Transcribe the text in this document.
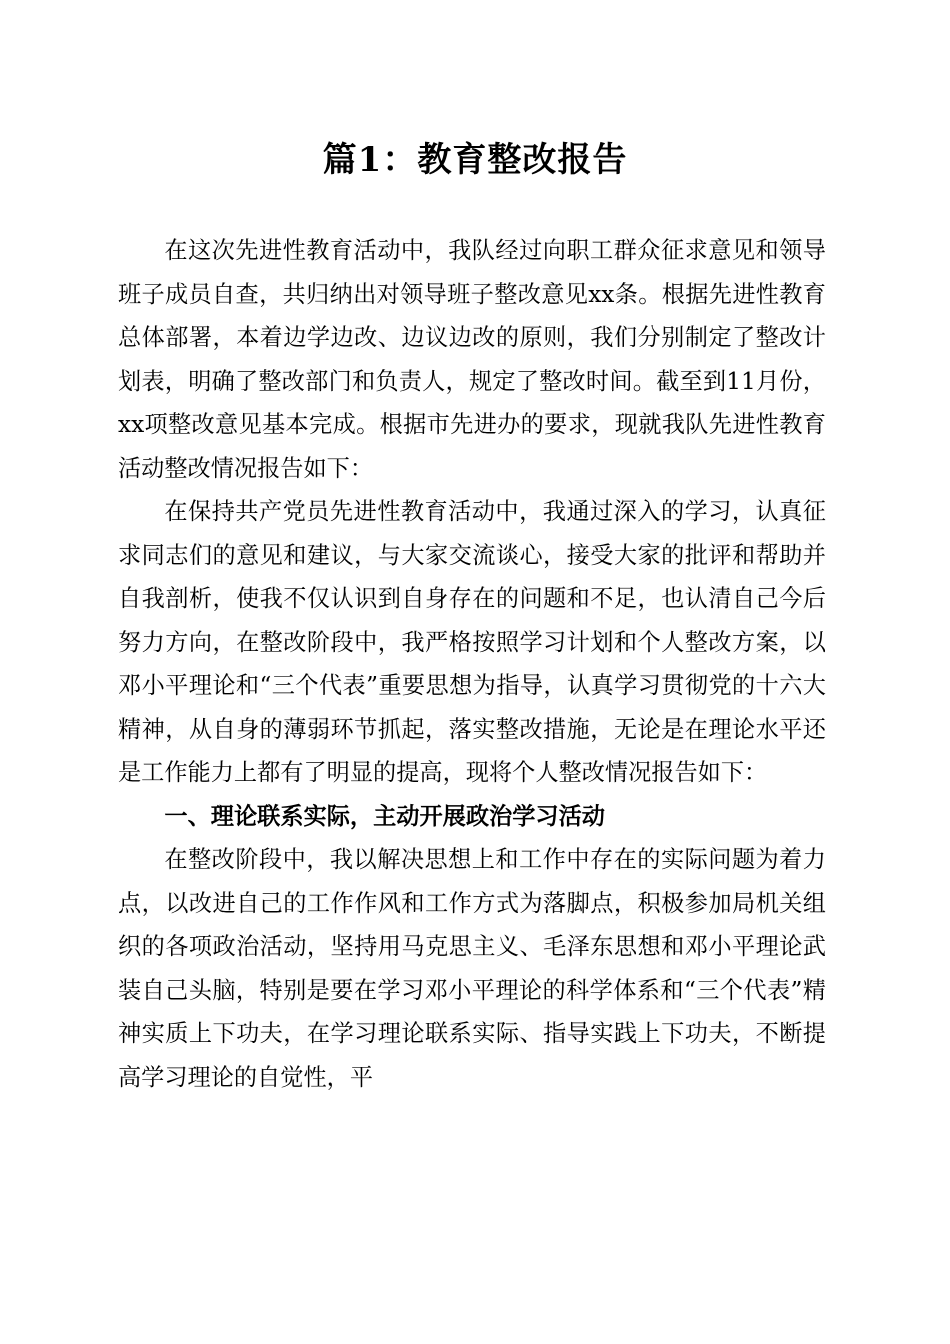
篇1：教育整改报告

在这次先进性教育活动中，我队经过向职工群众征求意见和领导班子成员自查，共归纳出对领导班子整改意见xx条。根据先进性教育总体部署，本着边学边改、边议边改的原则，我们分别制定了整改计划表，明确了整改部门和负责人，规定了整改时间。截至到11月份，xx项整改意见基本完成。根据市先进办的要求，现就我队先进性教育活动整改情况报告如下：

在保持共产党员先进性教育活动中，我通过深入的学习，认真征求同志们的意见和建议，与大家交流谈心，接受大家的批评和帮助并自我剖析，使我不仅认识到自身存在的问题和不足，也认清自己今后努力方向，在整改阶段中，我严格按照学习计划和个人整改方案，以邓小平理论和“三个代表”重要思想为指导，认真学习贯彻党的十六大精神，从自身的薄弱环节抓起，落实整改措施，无论是在理论水平还是工作能力上都有了明显的提高，现将个人整改情况报告如下：

一、理论联系实际，主动开展政治学习活动

在整改阶段中，我以解决思想上和工作中存在的实际问题为着力点，以改进自己的工作作风和工作方式为落脚点，积极参加局机关组织的各项政治活动，坚持用马克思主义、毛泽东思想和邓小平理论武装自己头脑，特别是要在学习邓小平理论的科学体系和“三个代表”精神实质上下功夫，在学习理论联系实际、指导实践上下功夫，不断提高学习理论的自觉性，平
